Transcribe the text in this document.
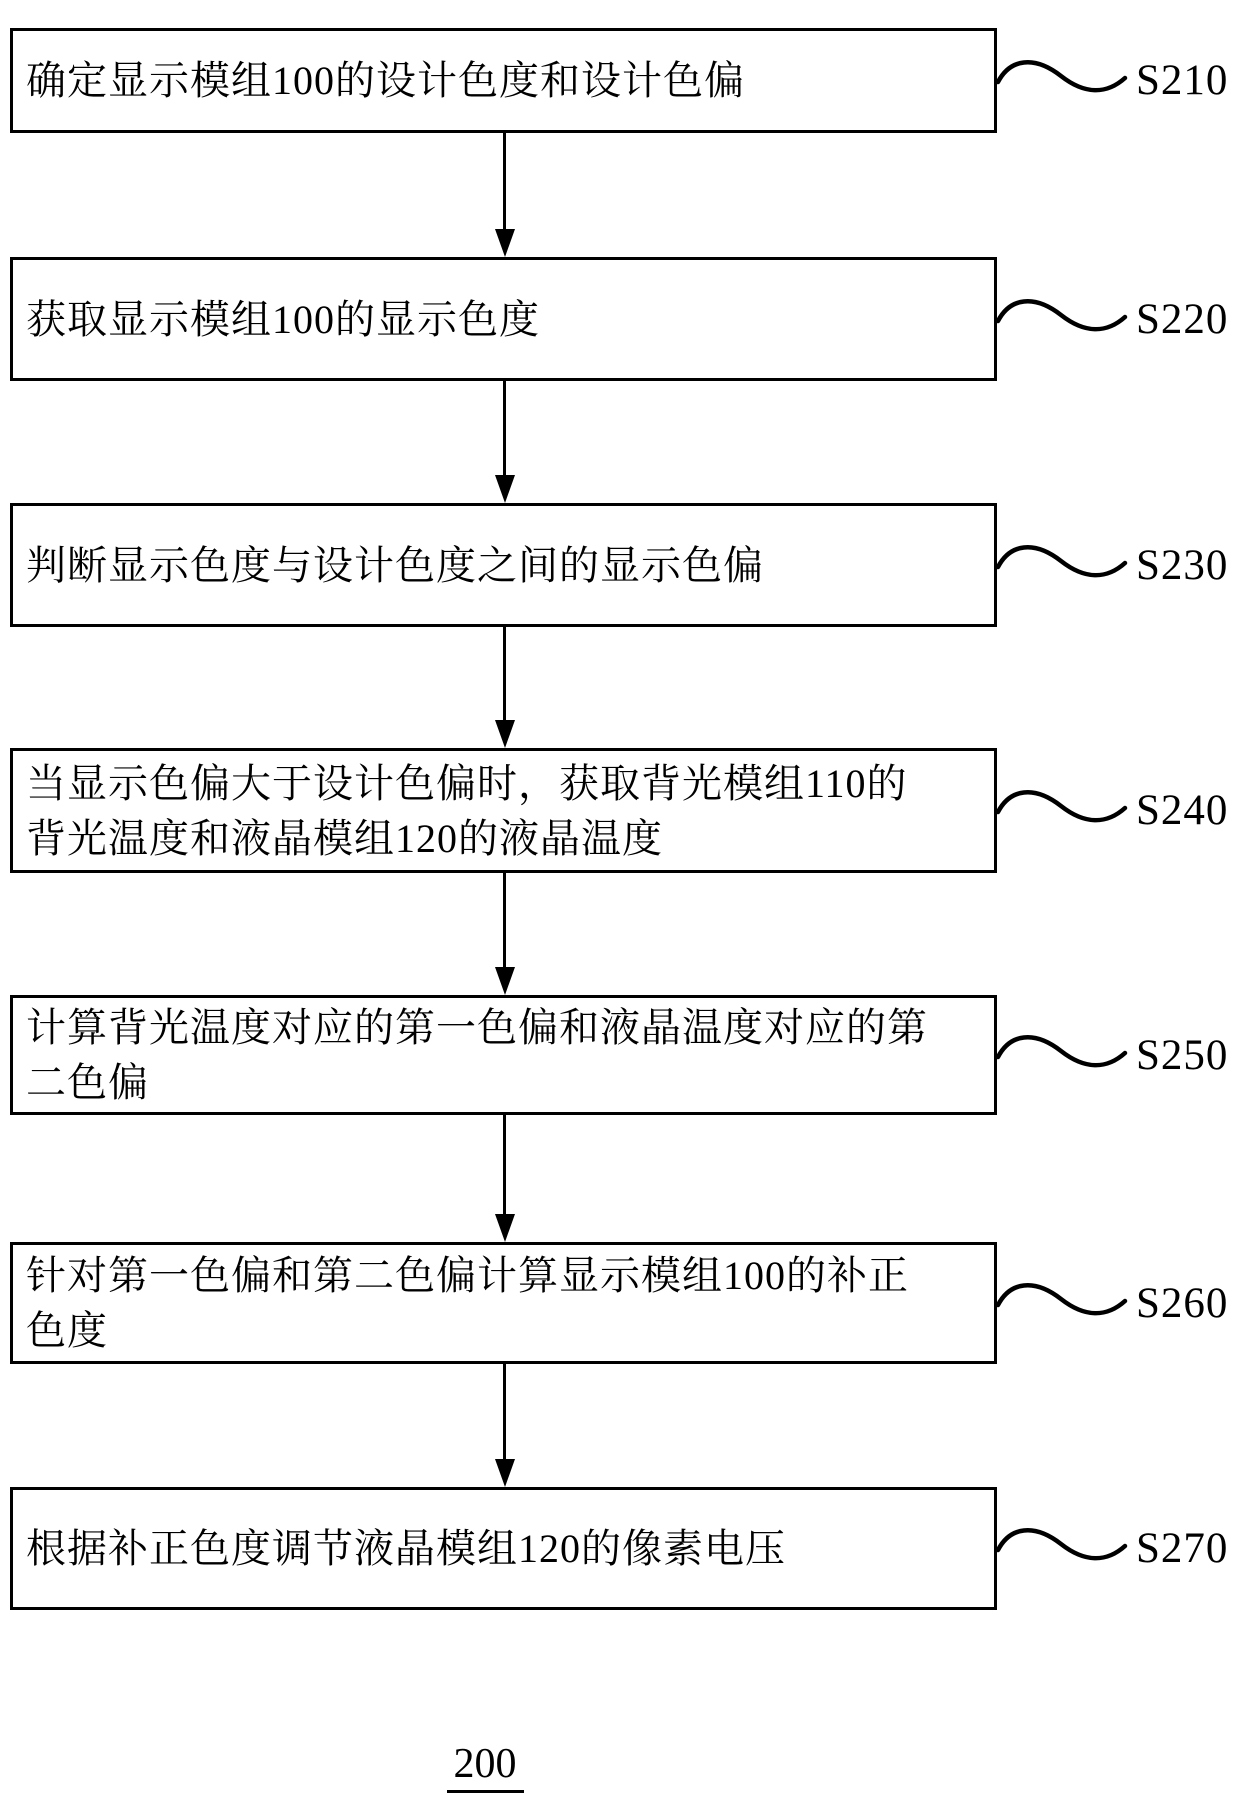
确定显示模组100的设计色度和设计色偏	S210
获取显示模组100的显示色度	S220
判断显示色度与设计色度之间的显示色偏	S230
当显示色偏大于设计色偏时，获取背光模组110的
背光温度和液晶模组120的液晶温度
S240
计算背光温度对应的第一色偏和液晶温度对应的第
二色偏
S250
针对第一色偏和第二色偏计算显示模组100的补正
色度
S260
根据补正色度调节液晶模组120的像素电压	S270
200
